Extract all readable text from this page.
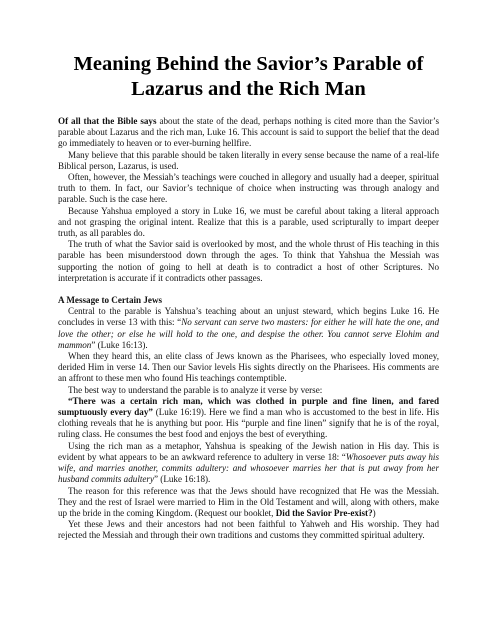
Meaning Behind the Savior’s Parable of
Lazarus and the Rich Man

Of all that the Bible says about the state of the dead, perhaps nothing is cited more than the Savior’s parable about Lazarus and the rich man, Luke 16. This account is said to support the belief that the dead go immediately to heaven or to ever-burning hellfire.

Many believe that this parable should be taken literally in every sense because the name of a real-life Biblical person, Lazarus, is used.

Often, however, the Messiah’s teachings were couched in allegory and usually had a deeper, spiritual truth to them. In fact, our Savior’s technique of choice when instructing was through analogy and parable. Such is the case here.

Because Yahshua employed a story in Luke 16, we must be careful about taking a literal approach and not grasping the original intent. Realize that this is a parable, used scripturally to impart deeper truth, as all parables do.

The truth of what the Savior said is overlooked by most, and the whole thrust of His teaching in this parable has been misunderstood down through the ages. To think that Yahshua the Messiah was supporting the notion of going to hell at death is to contradict a host of other Scriptures. No interpretation is accurate if it contradicts other passages.

A Message to Certain Jews

Central to the parable is Yahshua’s teaching about an unjust steward, which begins Luke 16. He concludes in verse 13 with this: “No servant can serve two masters: for either he will hate the one, and love the other; or else he will hold to the one, and despise the other. You cannot serve Elohim and mammon” (Luke 16:13).

When they heard this, an elite class of Jews known as the Pharisees, who especially loved money, derided Him in verse 14. Then our Savior levels His sights directly on the Pharisees. His comments are an affront to these men who found His teachings contemptible.

The best way to understand the parable is to analyze it verse by verse:

“There was a certain rich man, which was clothed in purple and fine linen, and fared sumptuously every day” (Luke 16:19). Here we find a man who is accustomed to the best in life. His clothing reveals that he is anything but poor. His “purple and fine linen” signify that he is of the royal, ruling class. He consumes the best food and enjoys the best of everything.

Using the rich man as a metaphor, Yahshua is speaking of the Jewish nation in His day. This is evident by what appears to be an awkward reference to adultery in verse 18: “Whosoever puts away his wife, and marries another, commits adultery: and whosoever marries her that is put away from her husband commits adultery” (Luke 16:18).

The reason for this reference was that the Jews should have recognized that He was the Messiah. They and the rest of Israel were married to Him in the Old Testament and will, along with others, make up the bride in the coming Kingdom. (Request our booklet, Did the Savior Pre-exist?)

Yet these Jews and their ancestors had not been faithful to Yahweh and His worship. They had rejected the Messiah and through their own traditions and customs they committed spiritual adultery.
